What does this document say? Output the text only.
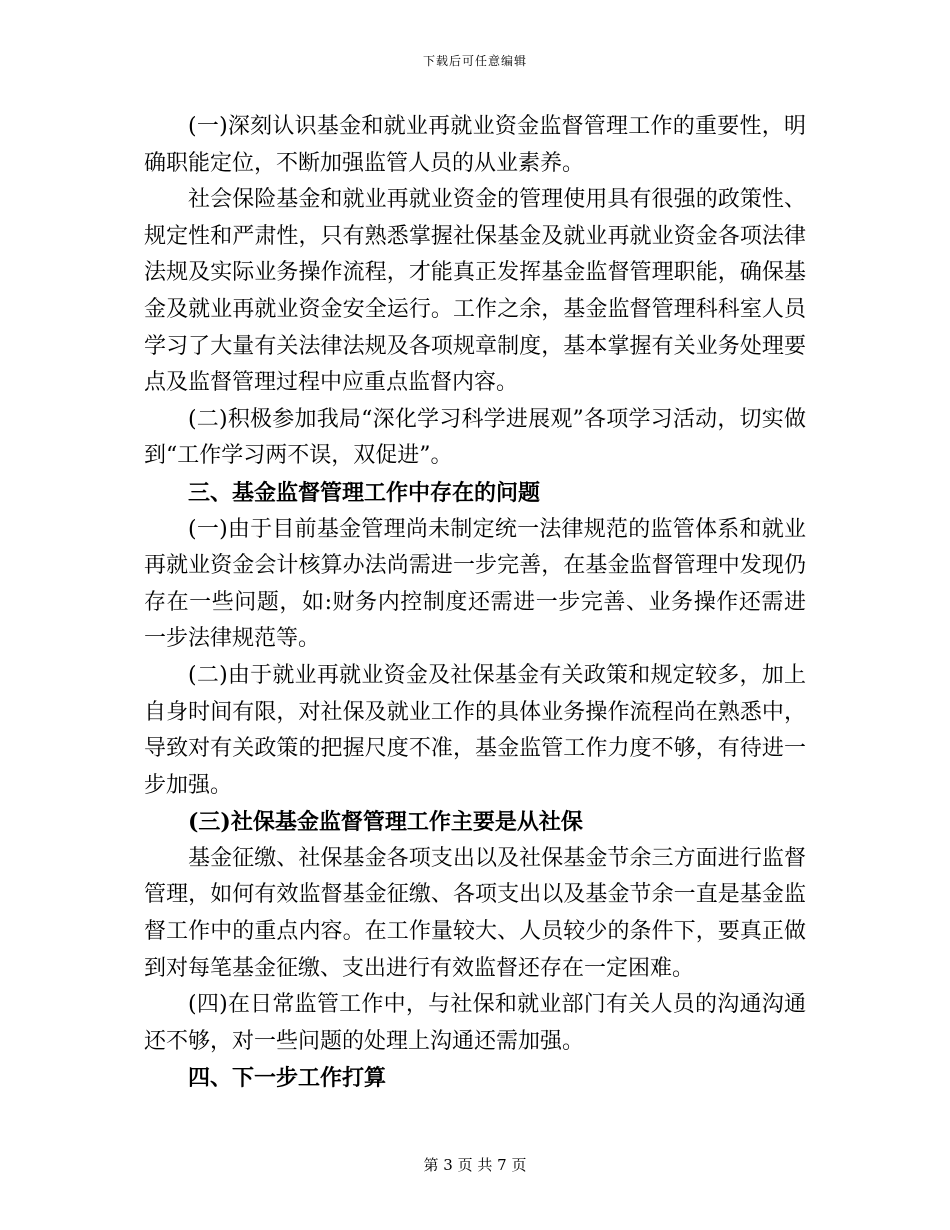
下载后可任意编辑

(一)深刻认识基金和就业再就业资金监督管理工作的重要性，明确职能定位，不断加强监管人员的从业素养。

社会保险基金和就业再就业资金的管理使用具有很强的政策性、规定性和严肃性，只有熟悉掌握社保基金及就业再就业资金各项法律法规及实际业务操作流程，才能真正发挥基金监督管理职能，确保基金及就业再就业资金安全运行。工作之余，基金监督管理科科室人员学习了大量有关法律法规及各项规章制度，基本掌握有关业务处理要点及监督管理过程中应重点监督内容。

(二)积极参加我局“深化学习科学进展观”各项学习活动，切实做到“工作学习两不误，双促进”。

三、基金监督管理工作中存在的问题

(一)由于目前基金管理尚未制定统一法律规范的监管体系和就业再就业资金会计核算办法尚需进一步完善，在基金监督管理中发现仍存在一些问题，如:财务内控制度还需进一步完善、业务操作还需进一步法律规范等。

(二)由于就业再就业资金及社保基金有关政策和规定较多，加上自身时间有限，对社保及就业工作的具体业务操作流程尚在熟悉中，导致对有关政策的把握尺度不准，基金监管工作力度不够，有待进一步加强。

(三)社保基金监督管理工作主要是从社保

基金征缴、社保基金各项支出以及社保基金节余三方面进行监督管理，如何有效监督基金征缴、各项支出以及基金节余一直是基金监督工作中的重点内容。在工作量较大、人员较少的条件下，要真正做到对每笔基金征缴、支出进行有效监督还存在一定困难。

(四)在日常监管工作中，与社保和就业部门有关人员的沟通沟通还不够，对一些问题的处理上沟通还需加强。

四、下一步工作打算

第 3 页 共 7 页
